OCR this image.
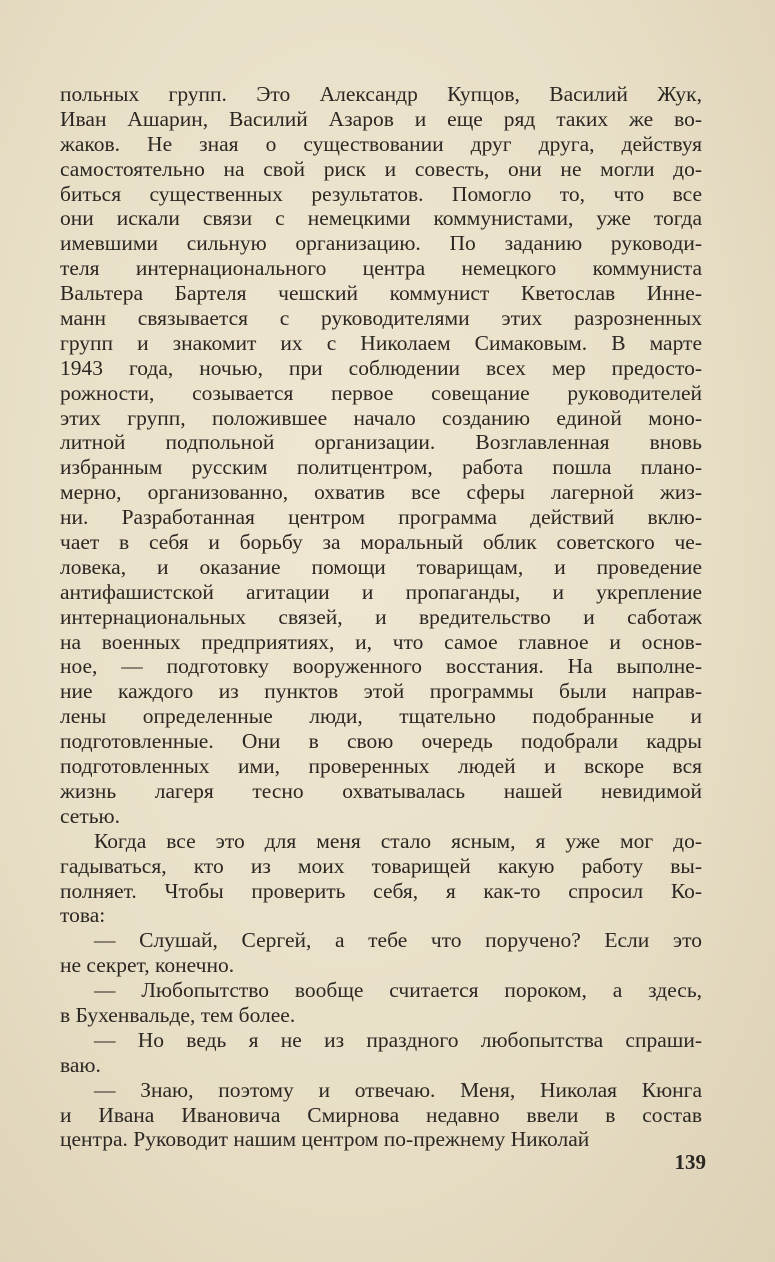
польных групп. Это Александр Купцов, Василий Жук,
Иван Ашарин, Василий Азаров и еще ряд таких же во-
жаков. Не зная о существовании друг друга, действуя
самостоятельно на свой риск и совесть, они не могли до-
биться существенных результатов. Помогло то, что все
они искали связи с немецкими коммунистами, уже тогда
имевшими сильную организацию. По заданию руководи-
теля интернационального центра немецкого коммуниста
Вальтера Бартеля чешский коммунист Кветослав Инне-
манн связывается с руководителями этих разрозненных
групп и знакомит их с Николаем Симаковым. В марте
1943 года, ночью, при соблюдении всех мер предосто-
рожности, созывается первое совещание руководителей
этих групп, положившее начало созданию единой моно-
литной подпольной организации. Возглавленная вновь
избранным русским политцентром, работа пошла плано-
мерно, организованно, охватив все сферы лагерной жиз-
ни. Разработанная центром программа действий вклю-
чает в себя и борьбу за моральный облик советского че-
ловека, и оказание помощи товарищам, и проведение
антифашистской агитации и пропаганды, и укрепление
интернациональных связей, и вредительство и саботаж
на военных предприятиях, и, что самое главное и основ-
ное, — подготовку вооруженного восстания. На выполне-
ние каждого из пунктов этой программы были направ-
лены определенные люди, тщательно подобранные и
подготовленные. Они в свою очередь подобрали кадры
подготовленных ими, проверенных людей и вскоре вся
жизнь лагеря тесно охватывалась нашей невидимой
сетью.
Когда все это для меня стало ясным, я уже мог до-
гадываться, кто из моих товарищей какую работу вы-
полняет. Чтобы проверить себя, я как-то спросил Ко-
това:
— Слушай, Сергей, а тебе что поручено? Если это
не секрет, конечно.
— Любопытство вообще считается пороком, а здесь,
в Бухенвальде, тем более.
— Но ведь я не из праздного любопытства спраши-
ваю.
— Знаю, поэтому и отвечаю. Меня, Николая Кюнга
и Ивана Ивановича Смирнова недавно ввели в состав
центра. Руководит нашим центром по-прежнему Николай
139
